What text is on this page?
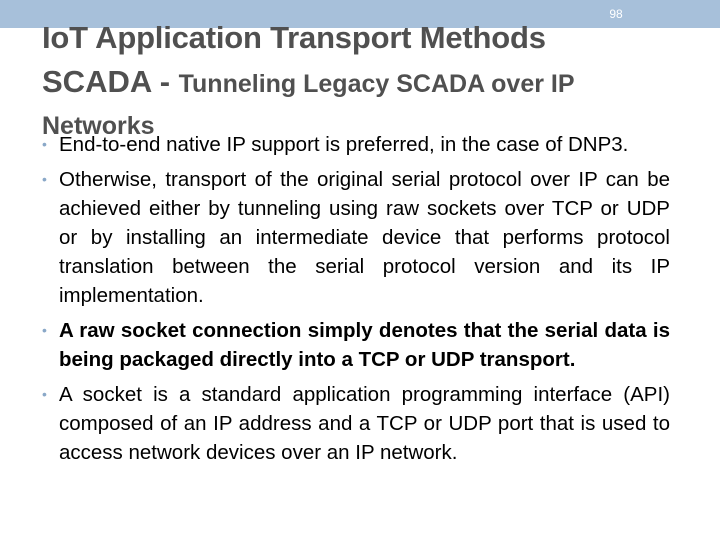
98
IoT Application Transport Methods
SCADA - Tunneling Legacy SCADA over IP
Networks
• End-to-end native IP support is preferred, in the case of DNP3.
• Otherwise, transport of the original serial protocol over IP can be achieved either by tunneling using raw sockets over TCP or UDP or by installing an intermediate device that performs protocol translation between the serial protocol version and its IP implementation.
• A raw socket connection simply denotes that the serial data is being packaged directly into a TCP or UDP transport.
• A socket is a standard application programming interface (API) composed of an IP address and a TCP or UDP port that is used to access network devices over an IP network.
